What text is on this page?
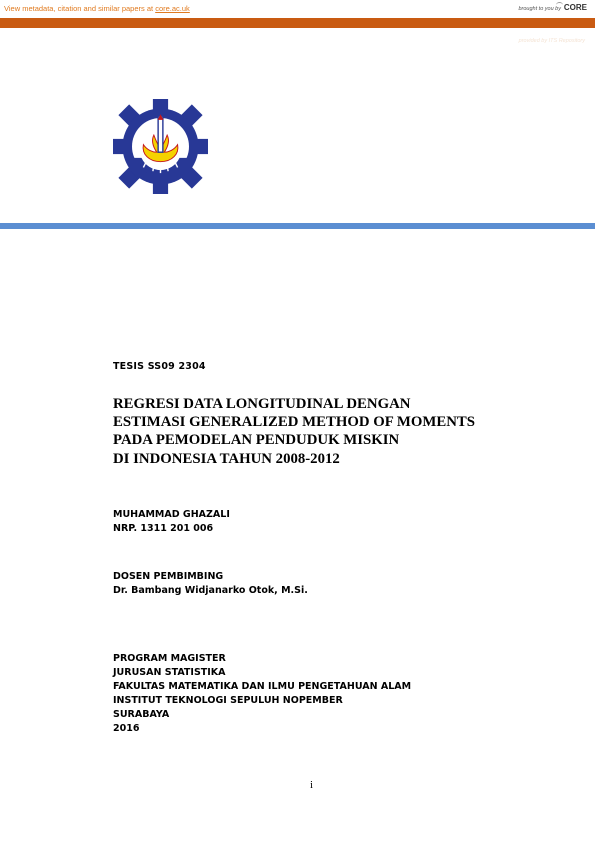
View metadata, citation and similar papers at core.ac.uk	brought to you by CORE
provided by ITS Repository
TESIS SS09 2304
REGRESI DATA LONGITUDINAL DENGAN
ESTIMASI GENERALIZED METHOD OF MOMENTS
PADA PEMODELAN PENDUDUK MISKIN
DI INDONESIA TAHUN 2008-2012
MUHAMMAD GHAZALI
NRP. 1311 201 006
DOSEN PEMBIMBING
Dr. Bambang Widjanarko Otok, M.Si.
PROGRAM MAGISTER
JURUSAN STATISTIKA
FAKULTAS MATEMATIKA DAN ILMU PENGETAHUAN ALAM
INSTITUT TEKNOLOGI SEPULUH NOPEMBER
SURABAYA
2016
i
